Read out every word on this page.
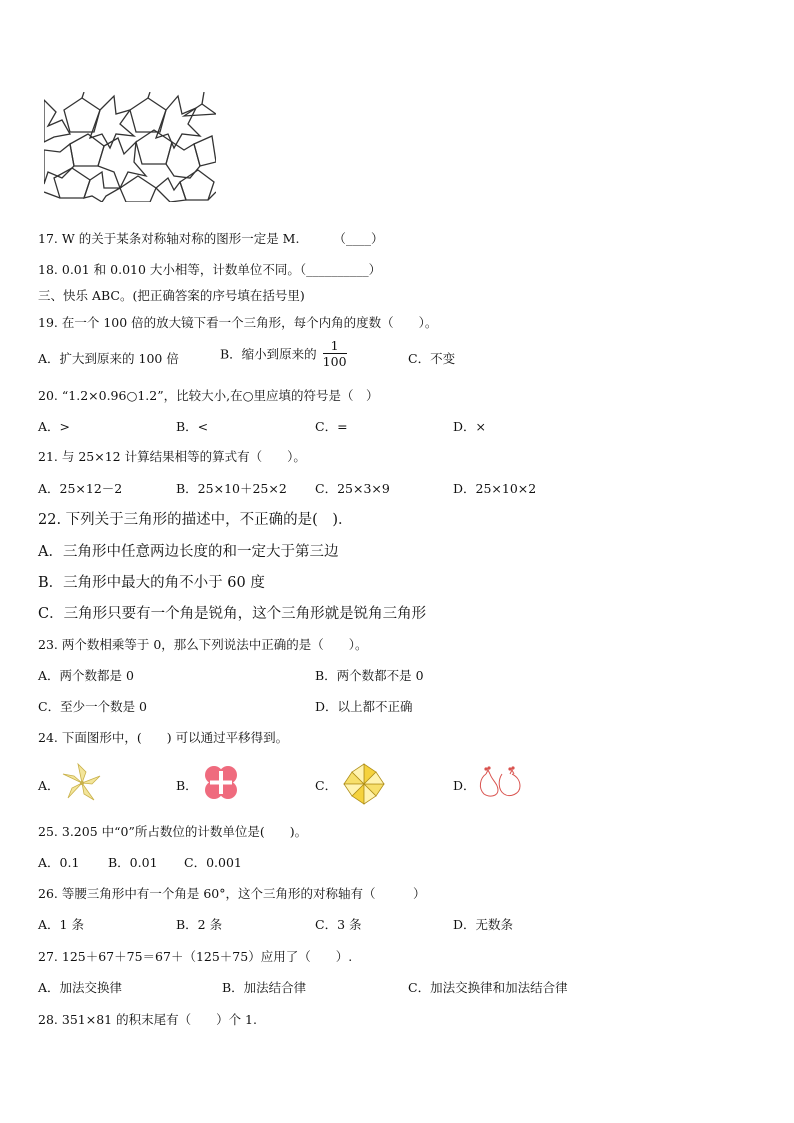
17. W 的关于某条对称轴对称的图形一定是 M.	（____）
18. 0.01 和 0.010 大小相等，计数单位不同。（__________）
三、快乐 ABC。(把正确答案的序号填在括号里)
19. 在一个 100 倍的放大镜下看一个三角形，每个内角的度数（　　）。
A．扩大到原来的 100 倍	B．缩小到原来的 $\frac{1}{100}$	C．不变
20. “1.2×0.96○1.2”，比较大小,在○里应填的符号是（　）
A．>	B．<	C．=	D．×
21. 与 25×12 计算结果相等的算式有（　　）。
A．25×12－2	B．25×10＋25×2 C．25×3×9	D．25×10×2
22. 下列关于三角形的描述中，不正确的是(　)．
A．三角形中任意两边长度的和一定大于第三边
B．三角形中最大的角不小于 60 度
C．三角形只要有一个角是锐角，这个三角形就是锐角三角形
23. 两个数相乘等于 0，那么下列说法中正确的是（　　）。
A．两个数都是 0	B．两个数都不是 0
C．至少一个数是 0	D．以上都不正确
24. 下面图形中，(　　) 可以通过平移得到。
A．	B．	C．	D．
25. 3.205 中“0”所占数位的计数单位是(　　)。
A．0.1 B．0.01 C．0.001
26. 等腰三角形中有一个角是 60°，这个三角形的对称轴有（　　　）
A．1 条	B．2 条	C．3 条	D．无数条
27. 125＋67＋75＝67＋（125＋75）应用了（　　）.
A．加法交换律	B．加法结合律	C．加法交换律和加法结合律
28. 351×81 的积末尾有（　　）个 1.
